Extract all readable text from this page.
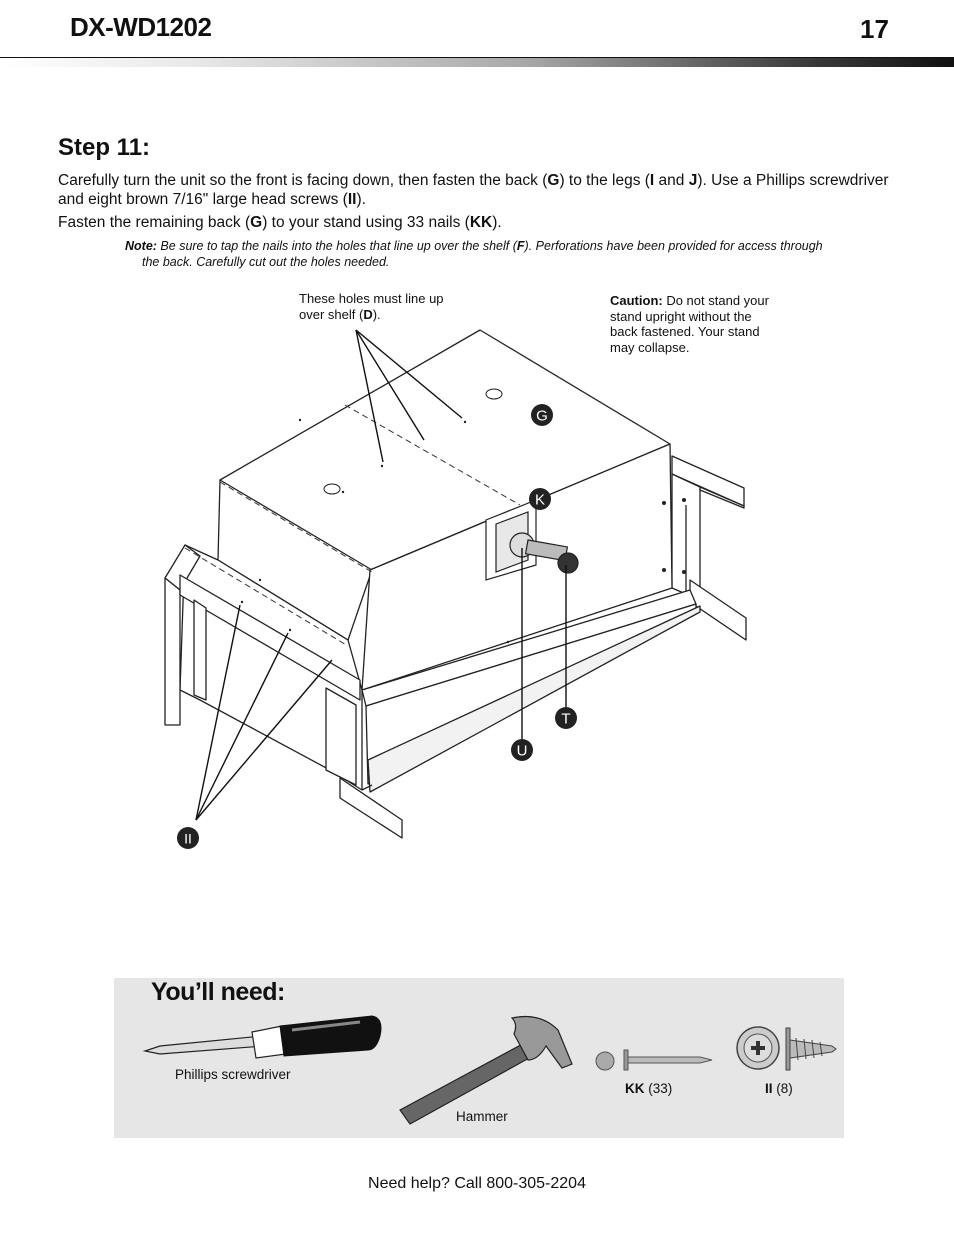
DX-WD1202	17
Step 11:
Carefully turn the unit so the front is facing down, then fasten the back (G) to the legs (I and J). Use a Phillips screwdriver and eight brown 7/16" large head screws (II).
Fasten the remaining back (G) to your stand using 33 nails (KK).
Note: Be sure to tap the nails into the holes that line up over the shelf (F). Perforations have been provided for access through
the back. Carefully cut out the holes needed.
G
K
T
U
II
These holes must line up over shelf (D).
Caution: Do not stand your stand upright without the back fastened. Your stand may collapse.
You’ll need:
Phillips screwdriver
Hammer
KK (33)	II (8)
Need help? Call 800-305-2204
